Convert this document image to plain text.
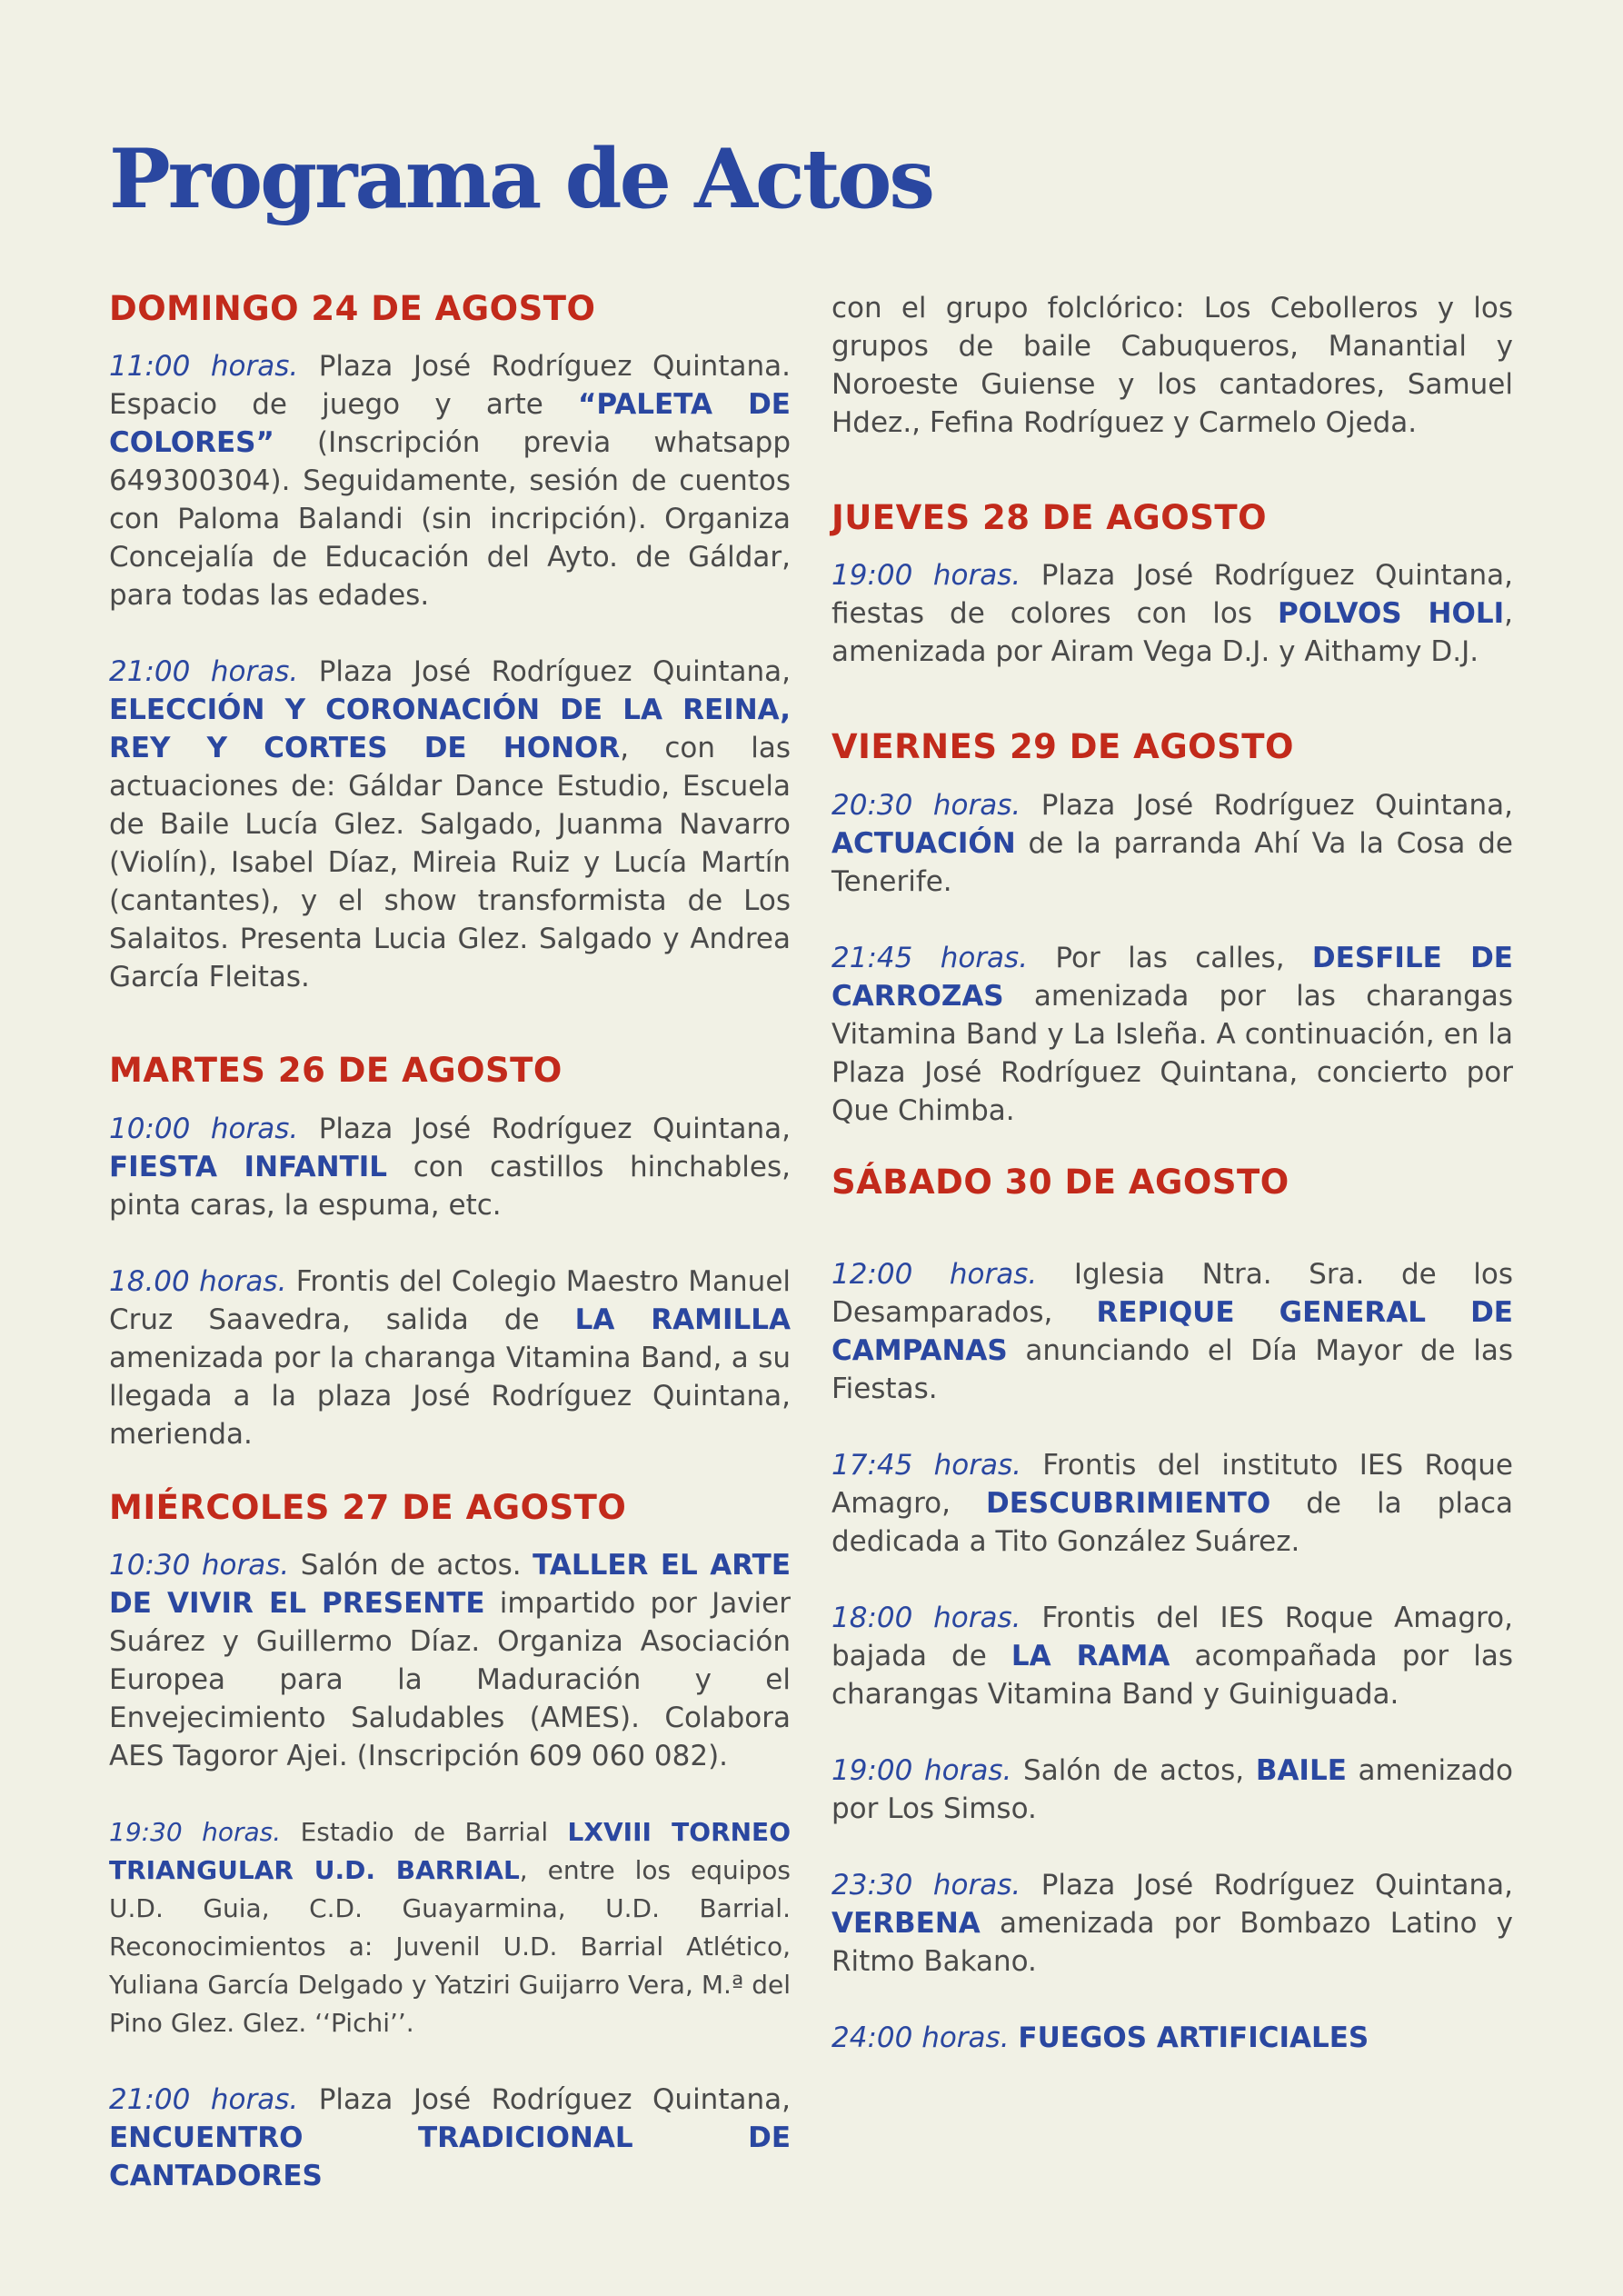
Programa de Actos
DOMINGO 24 DE AGOSTO

11:00 horas. Plaza José Rodríguez Quintana. Espacio de juego y arte “PALETA DE COLORES” (Inscripción previa whatsapp 649300304). Seguidamente, sesión de cuentos con Paloma Balandi (sin incripción). Organiza Concejalía de Educación del Ayto. de Gáldar, para todas las edades.

21:00 horas. Plaza José Rodríguez Quintana, ELECCIÓN Y CORONACIÓN DE LA REINA, REY Y CORTES DE HONOR, con las actuaciones de: Gáldar Dance Estudio, Escuela de Baile Lucía Glez. Salgado, Juanma Navarro (Violín), Isabel Díaz, Mireia Ruiz y Lucía Martín (cantantes), y el show transformista de Los Salaitos. Presenta Lucia Glez. Salgado y Andrea García Fleitas.

MARTES 26 DE AGOSTO

10:00 horas. Plaza José Rodríguez Quintana, FIESTA INFANTIL con castillos hinchables, pinta caras, la espuma, etc.

18.00 horas. Frontis del Colegio Maestro Manuel Cruz Saavedra, salida de LA RAMILLA amenizada por la charanga Vitamina Band, a su llegada a la plaza José Rodríguez Quintana, merienda.

MIÉRCOLES 27 DE AGOSTO

10:30 horas. Salón de actos. TALLER EL ARTE DE VIVIR EL PRESENTE impartido por Javier Suárez y Guillermo Díaz. Organiza Asociación Europea para la Maduración y el Envejecimiento Saludables (AMES). Colabora AES Tagoror Ajei. (Inscripción 609 060 082).

19:30 horas. Estadio de Barrial LXVIII TORNEO TRIANGULAR U.D. BARRIAL, entre los equipos U.D. Guia, C.D. Guayarmina, U.D. Barrial. Reconocimientos a: Juvenil U.D. Barrial Atlético, Yuliana García Delgado y Yatziri Guijarro Vera, M.ª del Pino Glez. Glez. ‘‘Pichi’’.

21:00 horas. Plaza José Rodríguez Quintana, ENCUENTRO TRADICIONAL DE CANTADORES

con el grupo folclórico: Los Cebolleros y los grupos de baile Cabuqueros, Manantial y Noroeste Guiense y los cantadores, Samuel Hdez., Fefina Rodríguez y Carmelo Ojeda.

JUEVES 28 DE AGOSTO

19:00 horas. Plaza José Rodríguez Quintana, fiestas de colores con los POLVOS HOLI, amenizada por Airam Vega D.J. y Aithamy D.J.

VIERNES 29 DE AGOSTO

20:30 horas. Plaza José Rodríguez Quintana, ACTUACIÓN de la parranda Ahí Va la Cosa de Tenerife.

21:45 horas. Por las calles, DESFILE DE CARROZAS amenizada por las charangas Vitamina Band y La Isleña. A continuación, en la Plaza José Rodríguez Quintana, concierto por Que Chimba.

SÁBADO 30 DE AGOSTO

12:00 horas. Iglesia Ntra. Sra. de los Desamparados, REPIQUE GENERAL DE CAMPANAS anunciando el Día Mayor de las Fiestas.

17:45 horas. Frontis del instituto IES Roque Amagro, DESCUBRIMIENTO de la placa dedicada a Tito González Suárez.

18:00 horas. Frontis del IES Roque Amagro, bajada de LA RAMA acompañada por las charangas Vitamina Band y Guiniguada.

19:00 horas. Salón de actos, BAILE amenizado por Los Simso.

23:30 horas. Plaza José Rodríguez Quintana, VERBENA amenizada por Bombazo Latino y Ritmo Bakano.

24:00 horas. FUEGOS ARTIFICIALES
